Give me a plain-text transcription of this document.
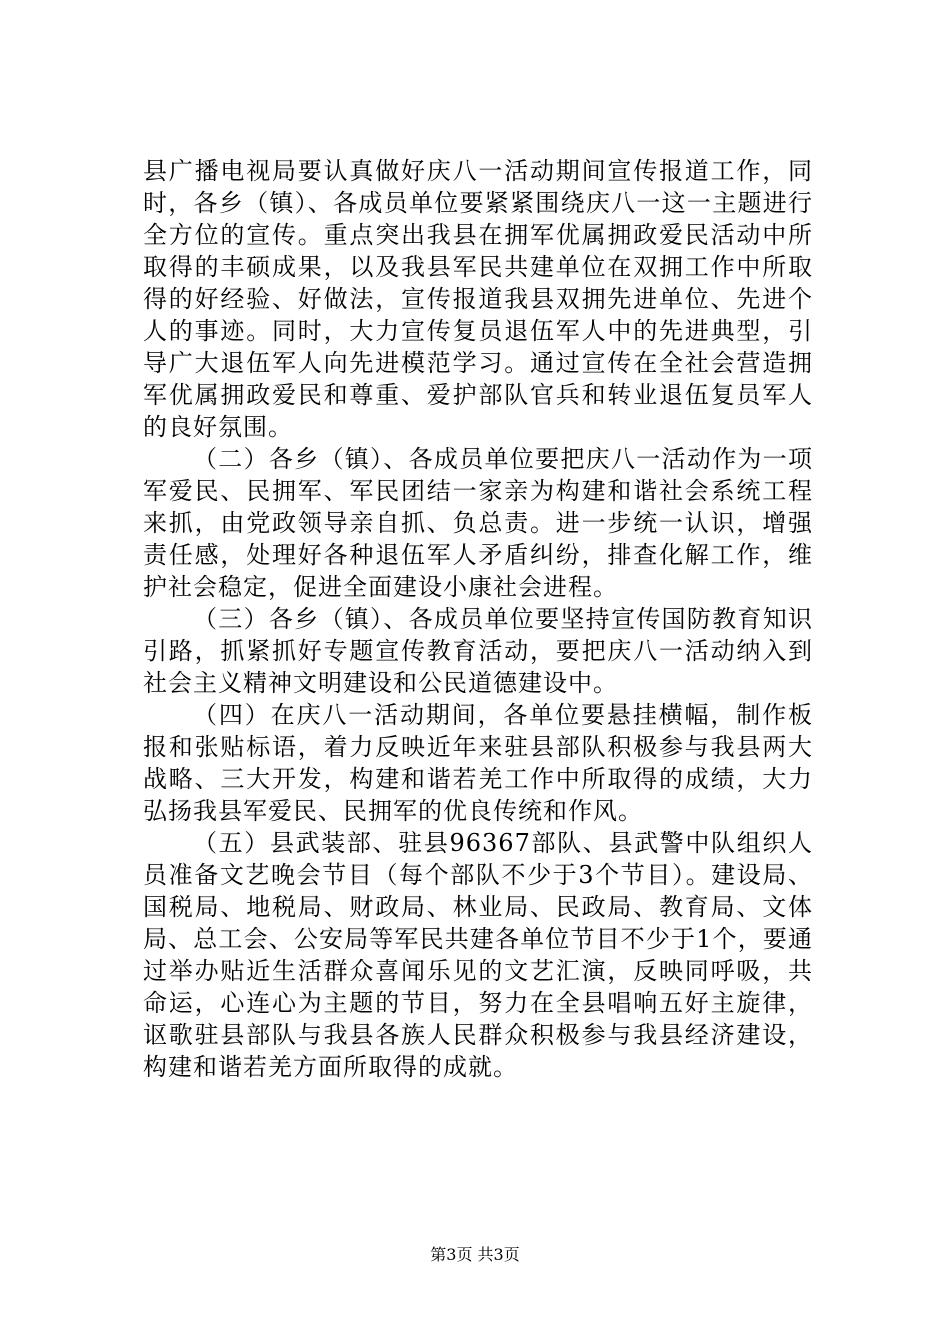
县广播电视局要认真做好庆八一活动期间宣传报道工作，同时，各乡（镇）、各成员单位要紧紧围绕庆八一这一主题进行全方位的宣传。重点突出我县在拥军优属拥政爱民活动中所取得的丰硕成果，以及我县军民共建单位在双拥工作中所取得的好经验、好做法，宣传报道我县双拥先进单位、先进个人的事迹。同时，大力宣传复员退伍军人中的先进典型，引导广大退伍军人向先进模范学习。通过宣传在全社会营造拥军优属拥政爱民和尊重、爱护部队官兵和转业退伍复员军人的良好氛围。

（二）各乡（镇）、各成员单位要把庆八一活动作为一项军爱民、民拥军、军民团结一家亲为构建和谐社会系统工程来抓，由党政领导亲自抓、负总责。进一步统一认识，增强责任感，处理好各种退伍军人矛盾纠纷，排查化解工作，维护社会稳定，促进全面建设小康社会进程。

（三）各乡（镇）、各成员单位要坚持宣传国防教育知识引路，抓紧抓好专题宣传教育活动，要把庆八一活动纳入到社会主义精神文明建设和公民道德建设中。

（四）在庆八一活动期间，各单位要悬挂横幅，制作板报和张贴标语，着力反映近年来驻县部队积极参与我县两大战略、三大开发，构建和谐若羌工作中所取得的成绩，大力弘扬我县军爱民、民拥军的优良传统和作风。

（五）县武装部、驻县96367部队、县武警中队组织人员准备文艺晚会节目（每个部队不少于3个节目）。建设局、国税局、地税局、财政局、林业局、民政局、教育局、文体局、总工会、公安局等军民共建各单位节目不少于1个，要通过举办贴近生活群众喜闻乐见的文艺汇演，反映同呼吸，共命运，心连心为主题的节目，努力在全县唱响五好主旋律，讴歌驻县部队与我县各族人民群众积极参与我县经济建设，构建和谐若羌方面所取得的成就。

第3页 共3页
